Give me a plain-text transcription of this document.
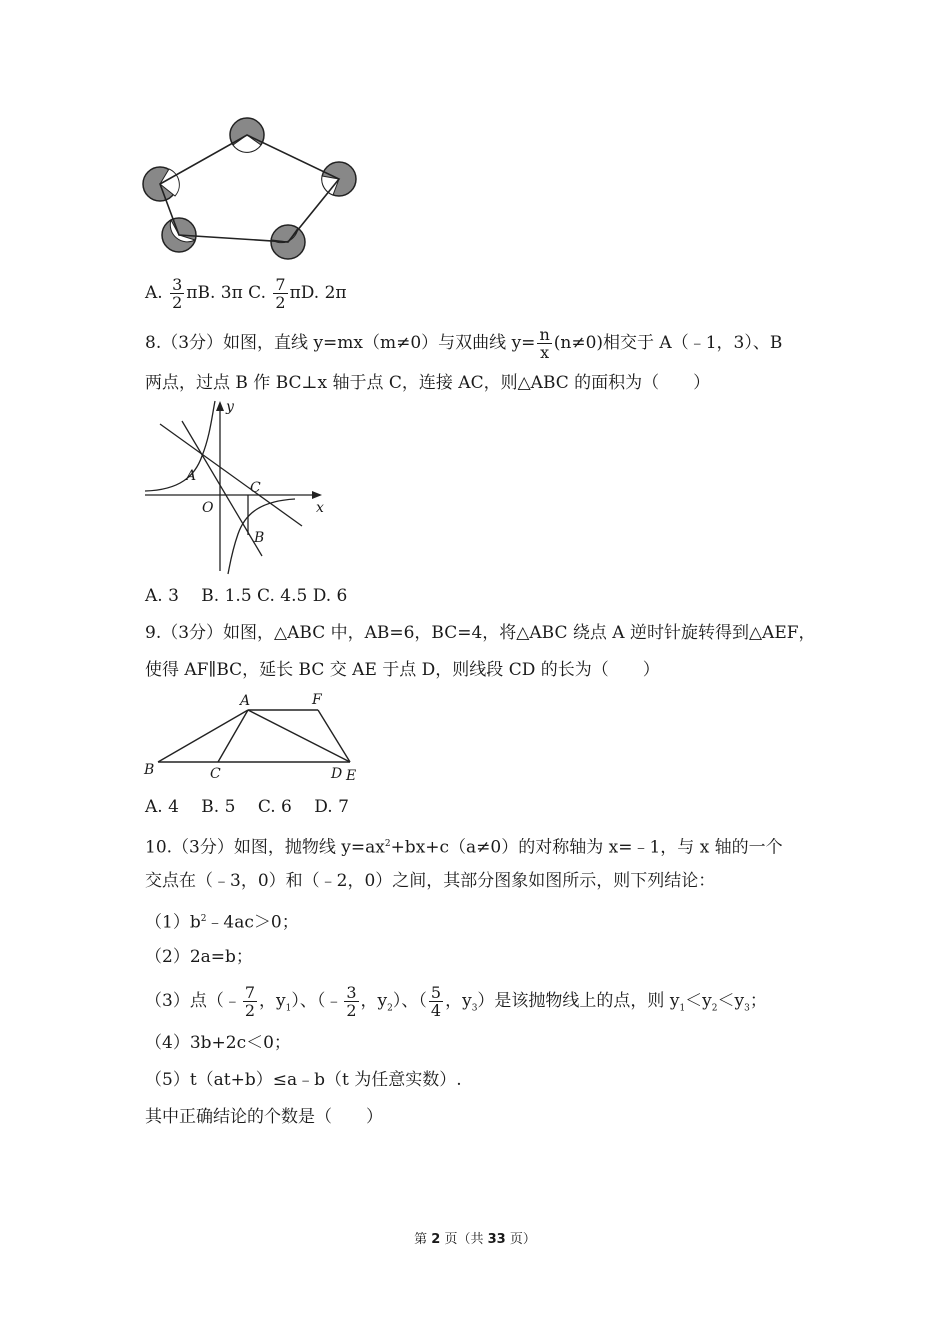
A. $\frac{3}{2} \pi B$. 3π C. $\frac{7}{2} \pi D$. 2π
8.（3分）如图，直线 y=mx（m≠0）与双曲线 $y= \frac{n}{x} (n\ne 0)$相交于 A（﹣1，3）、B
两点，过点 B 作 BC⊥x 轴于点 C，连接 AC，则△ABC 的面积为（　　）
y
x
A
C
O
B
A. 3　 B. 1.5 C. 4.5 D. 6
9.（3分）如图，△ABC 中，AB=6，BC=4，将△ABC 绕点 A 逆时针旋转得到△AEF，
使得 AF∥BC，延长 BC 交 AE 于点 D，则线段 CD 的长为（　　）
A	F
B	C	D E
A. 4　 B. 5　 C. 6　 D. 7
10.（3分）如图，抛物线 $y=ax^2+bx+c(a\ne 0)$的对称轴为 x=﹣1，与 x 轴的一个
交点在（﹣3，0）和（﹣2，0）之间，其部分图象如图所示，则下列结论：
$(1)b^2﹣4ac>0$；
（2）2a=b；
（3）点（﹣ $\frac{7}{2}$ ，$y_1$）、（﹣ $\frac{3}{2}$ ，$y_2$）、（ $\frac{5}{4}$ ，$y_3$）是该抛物线上的点，则 $y_1<y_2<y_3$；
（4）3b+2c＜0；
（5）t（at+b）≤a﹣b（t 为任意实数）.
其中正确结论的个数是（　　）
第 2 页（共 33 页）
